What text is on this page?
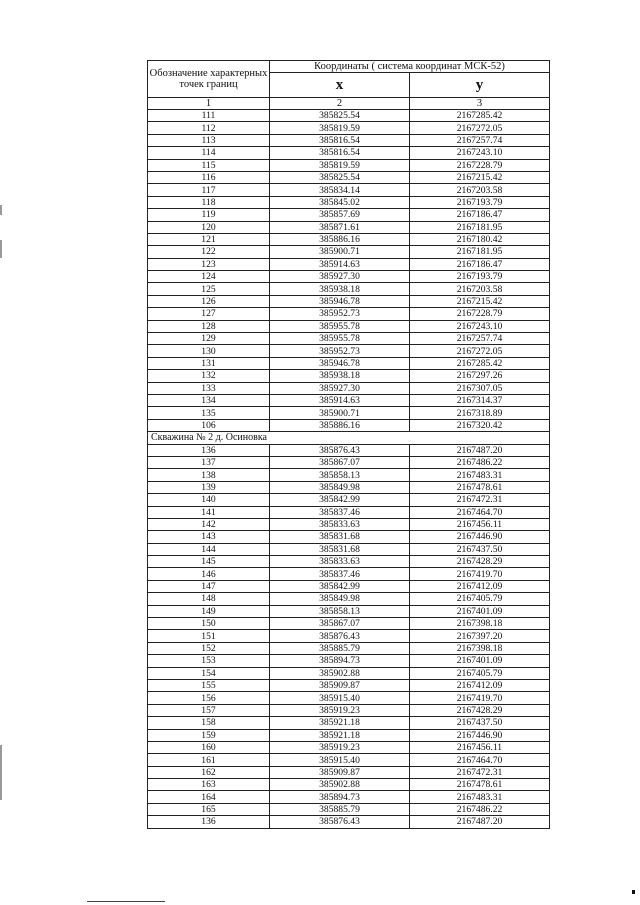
Обозначение характерных точек границ	Координаты ( система координат МСК-52)	
	x	y
1	2	3
111	385825.54	2167285.42
112	385819.59	2167272.05
113	385816.54	2167257.74
114	385816.54	2167243.10
115	385819.59	2167228.79
116	385825.54	2167215.42
117	385834.14	2167203.58
118	385845.02	2167193.79
119	385857.69	2167186.47
120	385871.61	2167181.95
121	385886.16	2167180.42
122	385900.71	2167181.95
123	385914.63	2167186.47
124	385927.30	2167193.79
125	385938.18	2167203.58
126	385946.78	2167215.42
127	385952.73	2167228.79
128	385955.78	2167243.10
129	385955.78	2167257.74
130	385952.73	2167272.05
131	385946.78	2167285.42
132	385938.18	2167297.26
133	385927.30	2167307.05
134	385914.63	2167314.37
135	385900.71	2167318.89
106	385886.16	2167320.42
Скважина № 2 д. Осиновка		
136	385876.43	2167487.20
137	385867.07	2167486.22
138	385858.13	2167483.31
139	385849.98	2167478.61
140	385842.99	2167472.31
141	385837.46	2167464.70
142	385833.63	2167456.11
143	385831.68	2167446.90
144	385831.68	2167437.50
145	385833.63	2167428.29
146	385837.46	2167419.70
147	385842.99	2167412.09
148	385849.98	2167405.79
149	385858.13	2167401.09
150	385867.07	2167398.18
151	385876.43	2167397.20
152	385885.79	2167398.18
153	385894.73	2167401.09
154	385902.88	2167405.79
155	385909.87	2167412.09
156	385915.40	2167419.70
157	385919.23	2167428.29
158	385921.18	2167437.50
159	385921.18	2167446.90
160	385919.23	2167456.11
161	385915.40	2167464.70
162	385909.87	2167472.31
163	385902.88	2167478.61
164	385894.73	2167483.31
165	385885.79	2167486.22
136	385876.43	2167487.20
